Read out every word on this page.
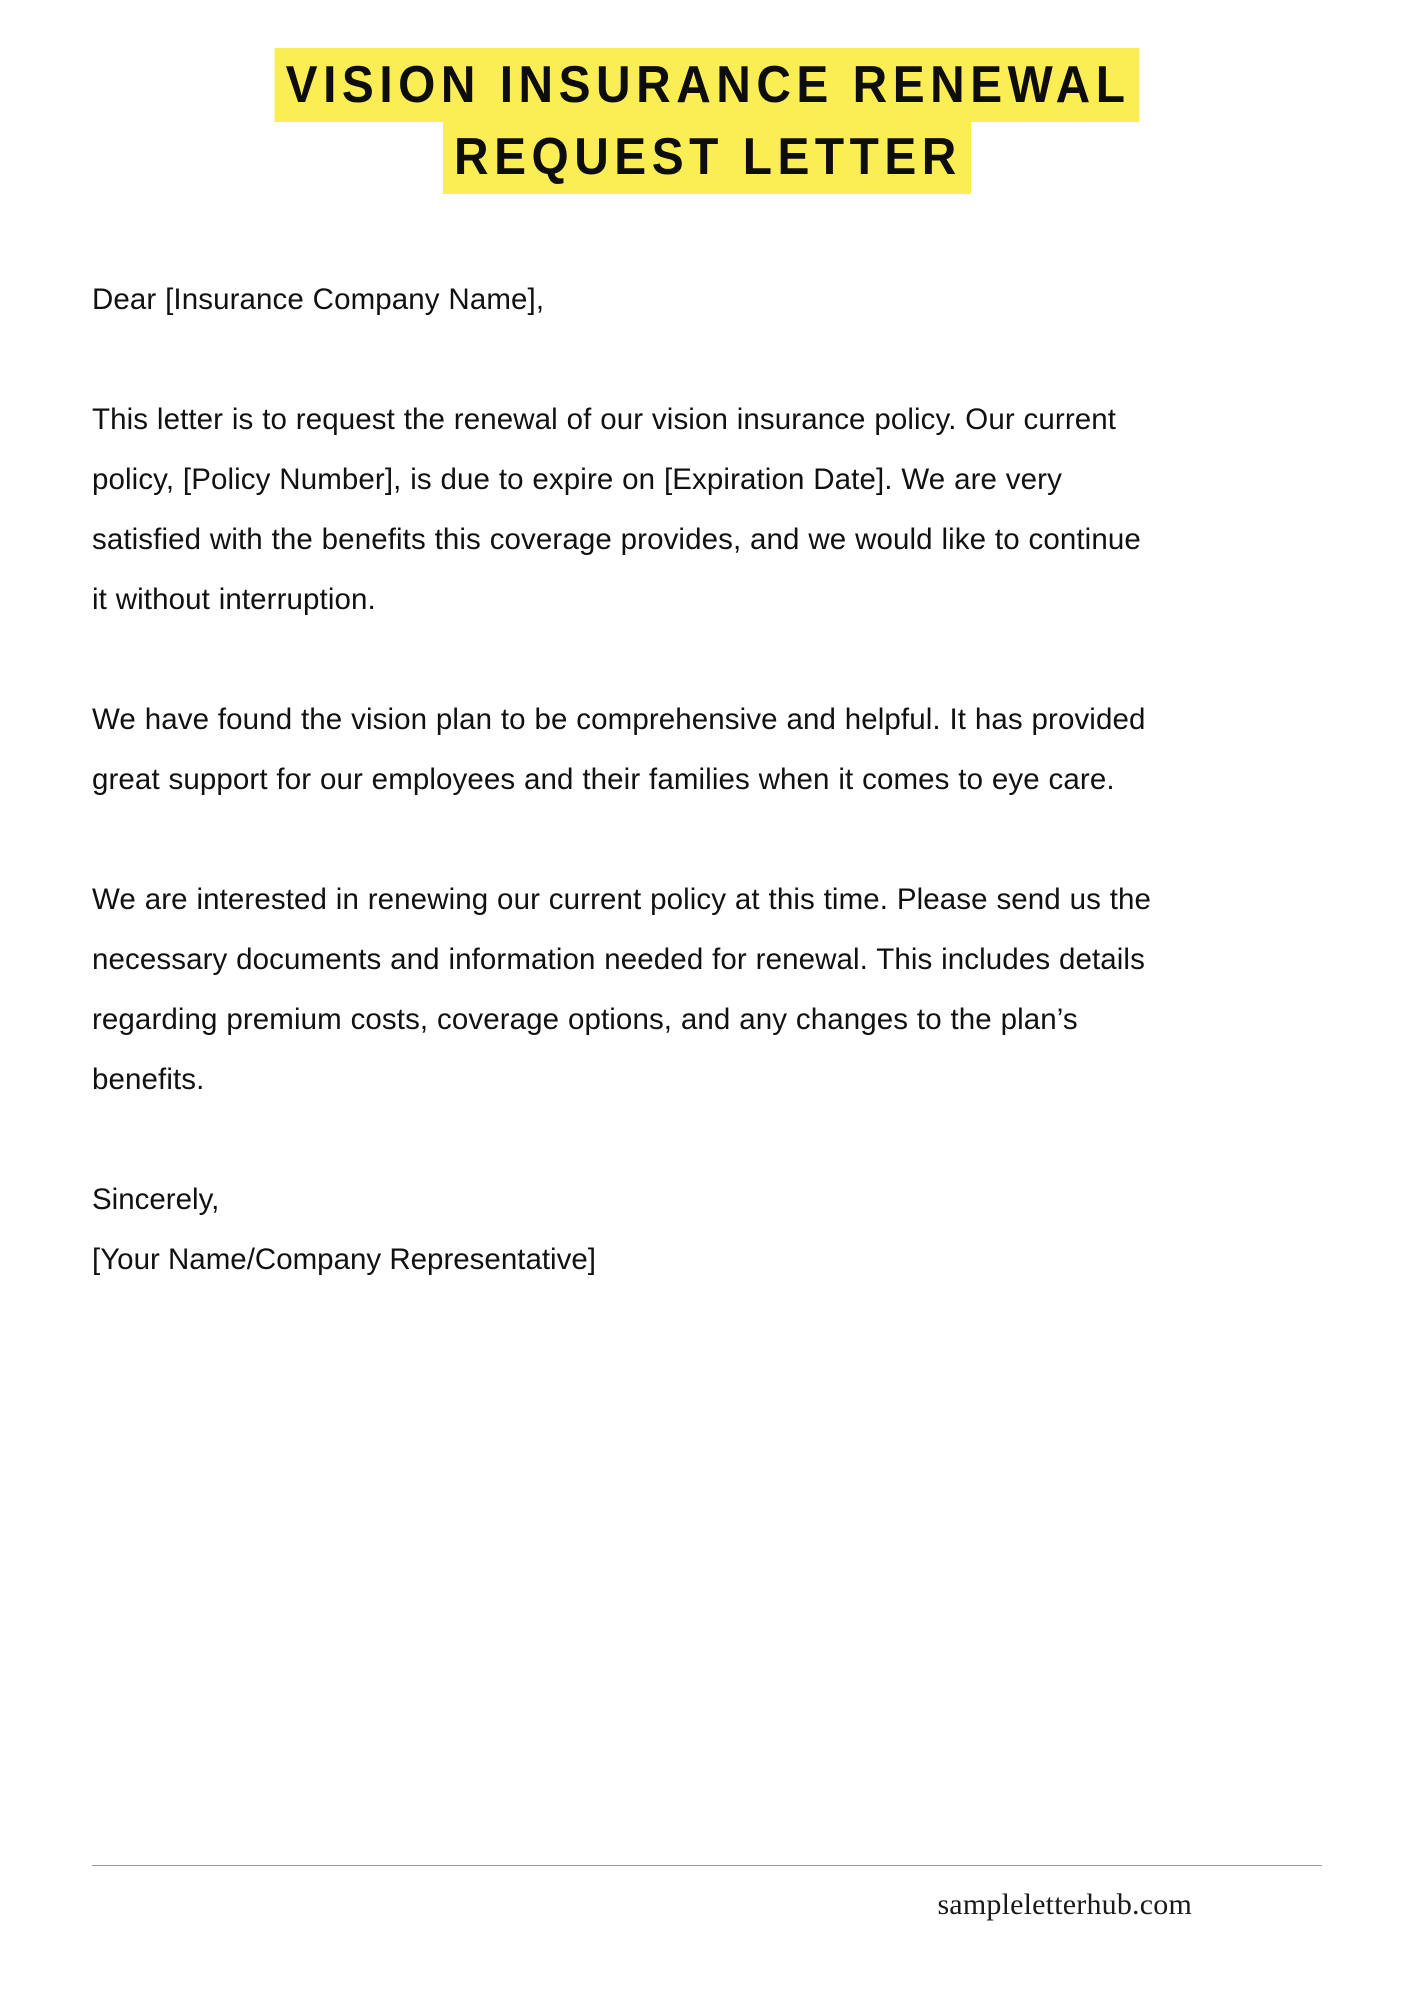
VISION INSURANCE RENEWAL
REQUEST LETTER

Dear [Insurance Company Name],

This letter is to request the renewal of our vision insurance policy. Our current policy, [Policy Number], is due to expire on [Expiration Date]. We are very satisfied with the benefits this coverage provides, and we would like to continue it without interruption.

We have found the vision plan to be comprehensive and helpful. It has provided great support for our employees and their families when it comes to eye care.

We are interested in renewing our current policy at this time. Please send us the necessary documents and information needed for renewal. This includes details regarding premium costs, coverage options, and any changes to the plan’s benefits.

Sincerely,

[Your Name/Company Representative]

sampleletterhub.com
